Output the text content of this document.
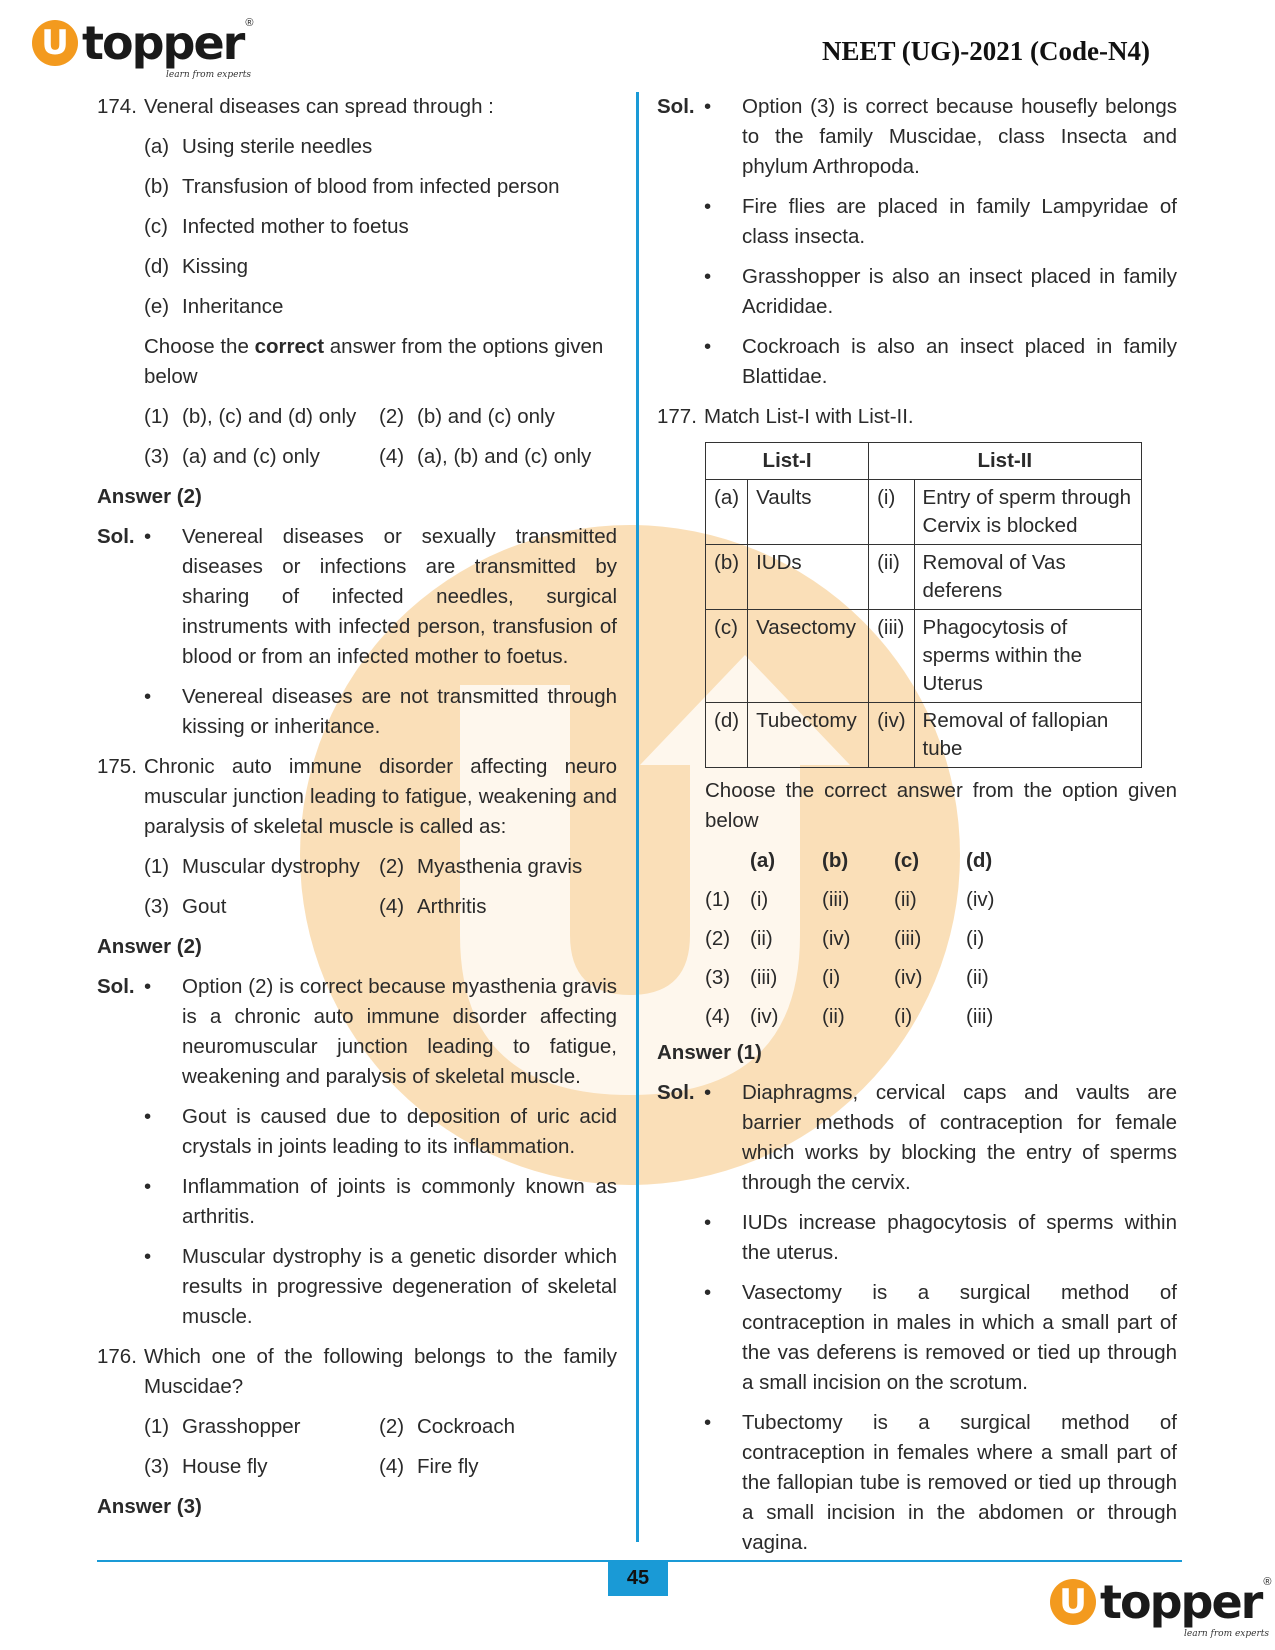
U topper ®
learn from experts
NEET (UG)-2021 (Code-N4)
174. Veneral diseases can spread through :
(a) Using sterile needles
(b) Transfusion of blood from infected person
(c) Infected mother to foetus
(d) Kissing
(e) Inheritance
Choose the correct answer from the options given below
(1) (b), (c) and (d) only (2) (b) and (c) only
(3) (a) and (c) only	(4) (a), (b) and (c) only
Answer (2)
Sol. •	Venereal diseases or sexually transmitted diseases or infections are transmitted by sharing of infected needles, surgical instruments with infected person, transfusion of blood or from an infected mother to foetus.
•	Venereal diseases are not transmitted through kissing or inheritance.
175. Chronic auto immune disorder affecting neuro muscular junction leading to fatigue, weakening and paralysis of skeletal muscle is called as:
(1) Muscular dystrophy (2) Myasthenia gravis
(3) Gout	(4) Arthritis
Answer (2)
Sol. •	Option (2) is correct because myasthenia gravis is a chronic auto immune disorder affecting neuromuscular junction leading to fatigue, weakening and paralysis of skeletal muscle.
•	Gout is caused due to deposition of uric acid crystals in joints leading to its inflammation.
•	Inflammation of joints is commonly known as arthritis.
•	Muscular dystrophy is a genetic disorder which results in progressive degeneration of skeletal muscle.
176. Which one of the following belongs to the family Muscidae?
(1) Grasshopper	(2) Cockroach
(3) House fly	(4) Fire fly
Answer (3)
Sol. •	Option (3) is correct because housefly belongs to the family Muscidae, class Insecta and phylum Arthropoda.
•	Fire flies are placed in family Lampyridae of class insecta.
•	Grasshopper is also an insect placed in family Acrididae.
•	Cockroach is also an insect placed in family Blattidae.
177. Match List-I with List-II.
List-I		List-II	
(a)	Vaults	(i)	Entry of sperm through Cervix is blocked
(b)	IUDs	(ii)	Removal of Vas deferens
(c)	Vasectomy	(iii)	Phagocytosis of sperms within the Uterus
(d)	Tubectomy	(iv)	Removal of fallopian tube
Choose the correct answer from the option given below
(a)	(b)	(c)	(d)
(1) (i)	(iii)	(ii)	(iv)
(2) (ii)	(iv)	(iii)	(i)
(3) (iii)	(i)	(iv)	(ii)
(4) (iv)	(ii)	(i)	(iii)
Answer (1)
Sol. •	Diaphragms, cervical caps and vaults are barrier methods of contraception for female which works by blocking the entry of sperms through the cervix.
•	IUDs increase phagocytosis of sperms within the uterus.
•	Vasectomy is a surgical method of contraception in males in which a small part of the vas deferens is removed or tied up through a small incision on the scrotum.
•	Tubectomy is a surgical method of contraception in females where a small part of the fallopian tube is removed or tied up through a small incision in the abdomen or through vagina.
45
U topper ®
learn from experts
